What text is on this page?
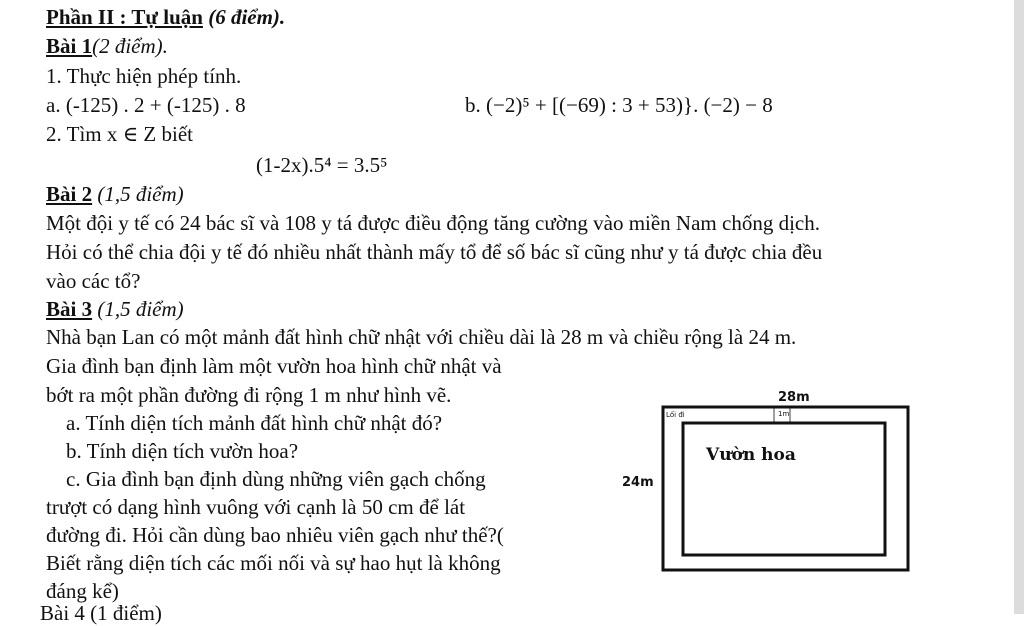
Phần II : Tự luận (6 điểm).
Bài 1(2 điểm).
1. Thực hiện phép tính.
a. (-125) . 2 + (-125) . 8	b. (−2)⁵ + [(−69) : 3 + 53)}. (−2) − 8
2. Tìm x ∈ Z biết
(1-2x).5⁴ = 3.5⁵
Bài 2 (1,5 điểm)
Một đội y tế có 24 bác sĩ và 108 y tá được điều động tăng cường vào miền Nam chống dịch.
Hỏi có thể chia đội y tế đó nhiều nhất thành mấy tổ để số bác sĩ cũng như y tá được chia đều
vào các tổ?
Bài 3 (1,5 điểm)
Nhà bạn Lan có một mảnh đất hình chữ nhật với chiều dài là 28 m và chiều rộng là 24 m.
Gia đình bạn định làm một vườn hoa hình chữ nhật và
bớt ra một phần đường đi rộng 1 m như hình vẽ.
a. Tính diện tích mảnh đất hình chữ nhật đó?
b. Tính diện tích vườn hoa?
c. Gia đình bạn định dùng những viên gạch chống
trượt có dạng hình vuông với cạnh là 50 cm để lát
đường đi. Hỏi cần dùng bao nhiêu viên gạch như thế?(
Biết rằng diện tích các mối nối và sự hao hụt là không
đáng kể)
28m
Lối đi	1m
Vườn hoa
24m
Bài 4 (1 điểm)
